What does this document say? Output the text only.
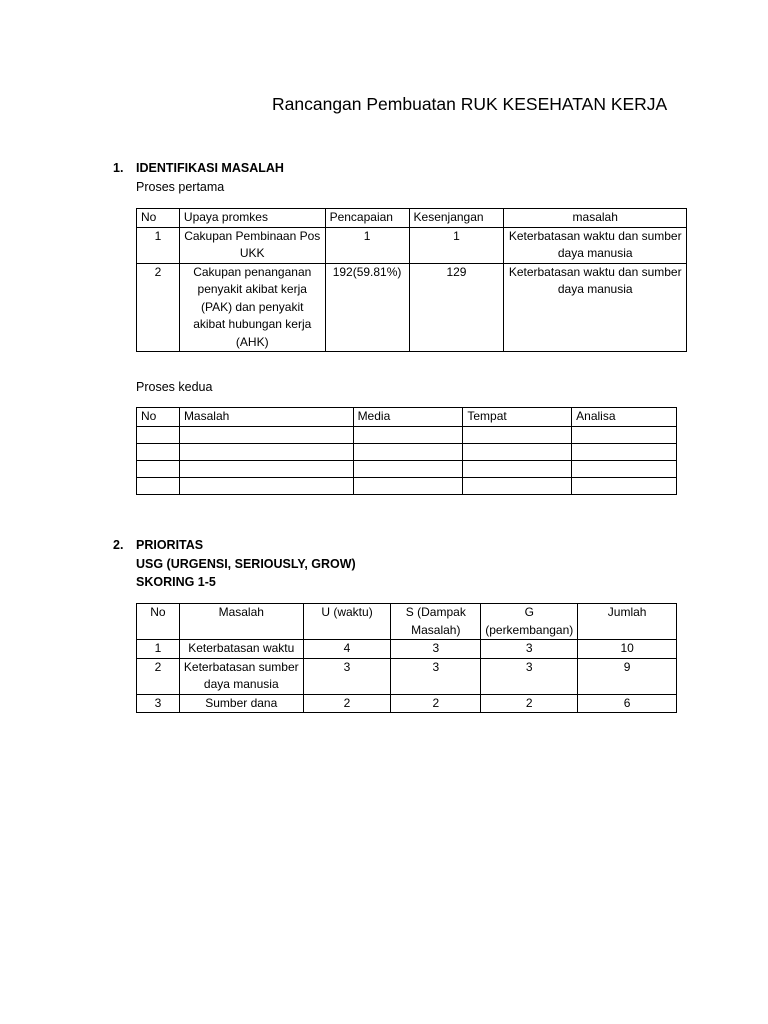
Rancangan Pembuatan RUK KESEHATAN KERJA
1. IDENTIFIKASI MASALAH
Proses pertama
No	Upaya promkes	Pencapaian	Kesenjangan	masalah
1	Cakupan Pembinaan Pos UKK	1	1	Keterbatasan waktu dan sumber daya manusia
2	Cakupan penanganan penyakit akibat kerja (PAK) dan penyakit akibat hubungan kerja (AHK)	192(59.81%)	129	Keterbatasan waktu dan sumber daya manusia
Proses kedua
No	Masalah	Media	Tempat	Analisa

2. PRIORITAS
USG (URGENSI, SERIOUSLY, GROW)
SKORING 1-5
No	Masalah	U (waktu)	S (Dampak Masalah)	G (perkembangan)	Jumlah
1	Keterbatasan waktu	4	3	3	10
2	Keterbatasan sumber daya manusia	3	3	3	9
3	Sumber dana	2	2	2	6
